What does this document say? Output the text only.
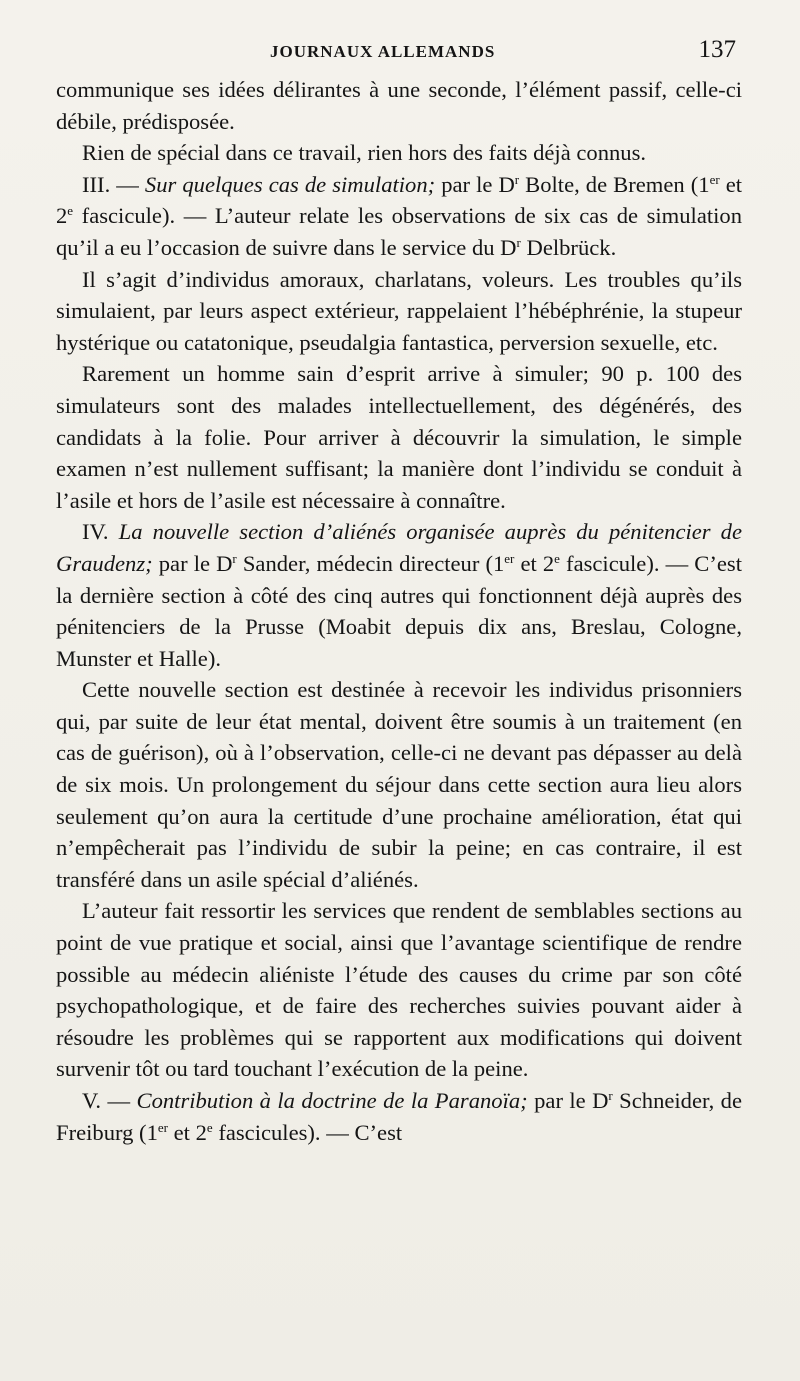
JOURNAUX ALLEMANDS	137

communique ses idées délirantes à une seconde, l’élément passif, celle-ci débile, prédisposée.

Rien de spécial dans ce travail, rien hors des faits déjà connus.

III. — Sur quelques cas de simulation; par le $D^r$ Bolte, de Bremen (1er et 2e fascicule). — L’auteur relate les observations de six cas de simulation qu’il a eu l’occasion de suivre dans le service du $D^r$ Delbrück.

Il s’agit d’individus amoraux, charlatans, voleurs. Les troubles qu’ils simulaient, par leurs aspect extérieur, rappelaient l’hébéphrénie, la stupeur hystérique ou catatonique, pseudalgia fantastica, perversion sexuelle, etc.

Rarement un homme sain d’esprit arrive à simuler; 90 p. 100 des simulateurs sont des malades intellectuellement, des dégénérés, des candidats à la folie. Pour arriver à découvrir la simulation, le simple examen n’est nullement suffisant; la manière dont l’individu se conduit à l’asile et hors de l’asile est nécessaire à connaître.

IV. La nouvelle section d’aliénés organisée auprès du pénitencier de Graudenz; par le $D^r$ Sander, médecin directeur (1er et 2e fascicule). — C’est la dernière section à côté des cinq autres qui fonctionnent déjà auprès des pénitenciers de la Prusse (Moabit depuis dix ans, Breslau, Cologne, Munster et Halle).

Cette nouvelle section est destinée à recevoir les individus prisonniers qui, par suite de leur état mental, doivent être soumis à un traitement (en cas de guérison), où à l’observation, celle-ci ne devant pas dépasser au delà de six mois. Un prolongement du séjour dans cette section aura lieu alors seulement qu’on aura la certitude d’une prochaine amélioration, état qui n’empêcherait pas l’individu de subir la peine; en cas contraire, il est transféré dans un asile spécial d’aliénés.

L’auteur fait ressortir les services que rendent de semblables sections au point de vue pratique et social, ainsi que l’avantage scientifique de rendre possible au médecin aliéniste l’étude des causes du crime par son côté psychopathologique, et de faire des recherches suivies pouvant aider à résoudre les problèmes qui se rapportent aux modifications qui doivent survenir tôt ou tard touchant l’exécution de la peine.

V. — Contribution à la doctrine de la Paranoïa; par le $D^r$ Schneider, de Freiburg (1er et 2e fascicules). — C’est
